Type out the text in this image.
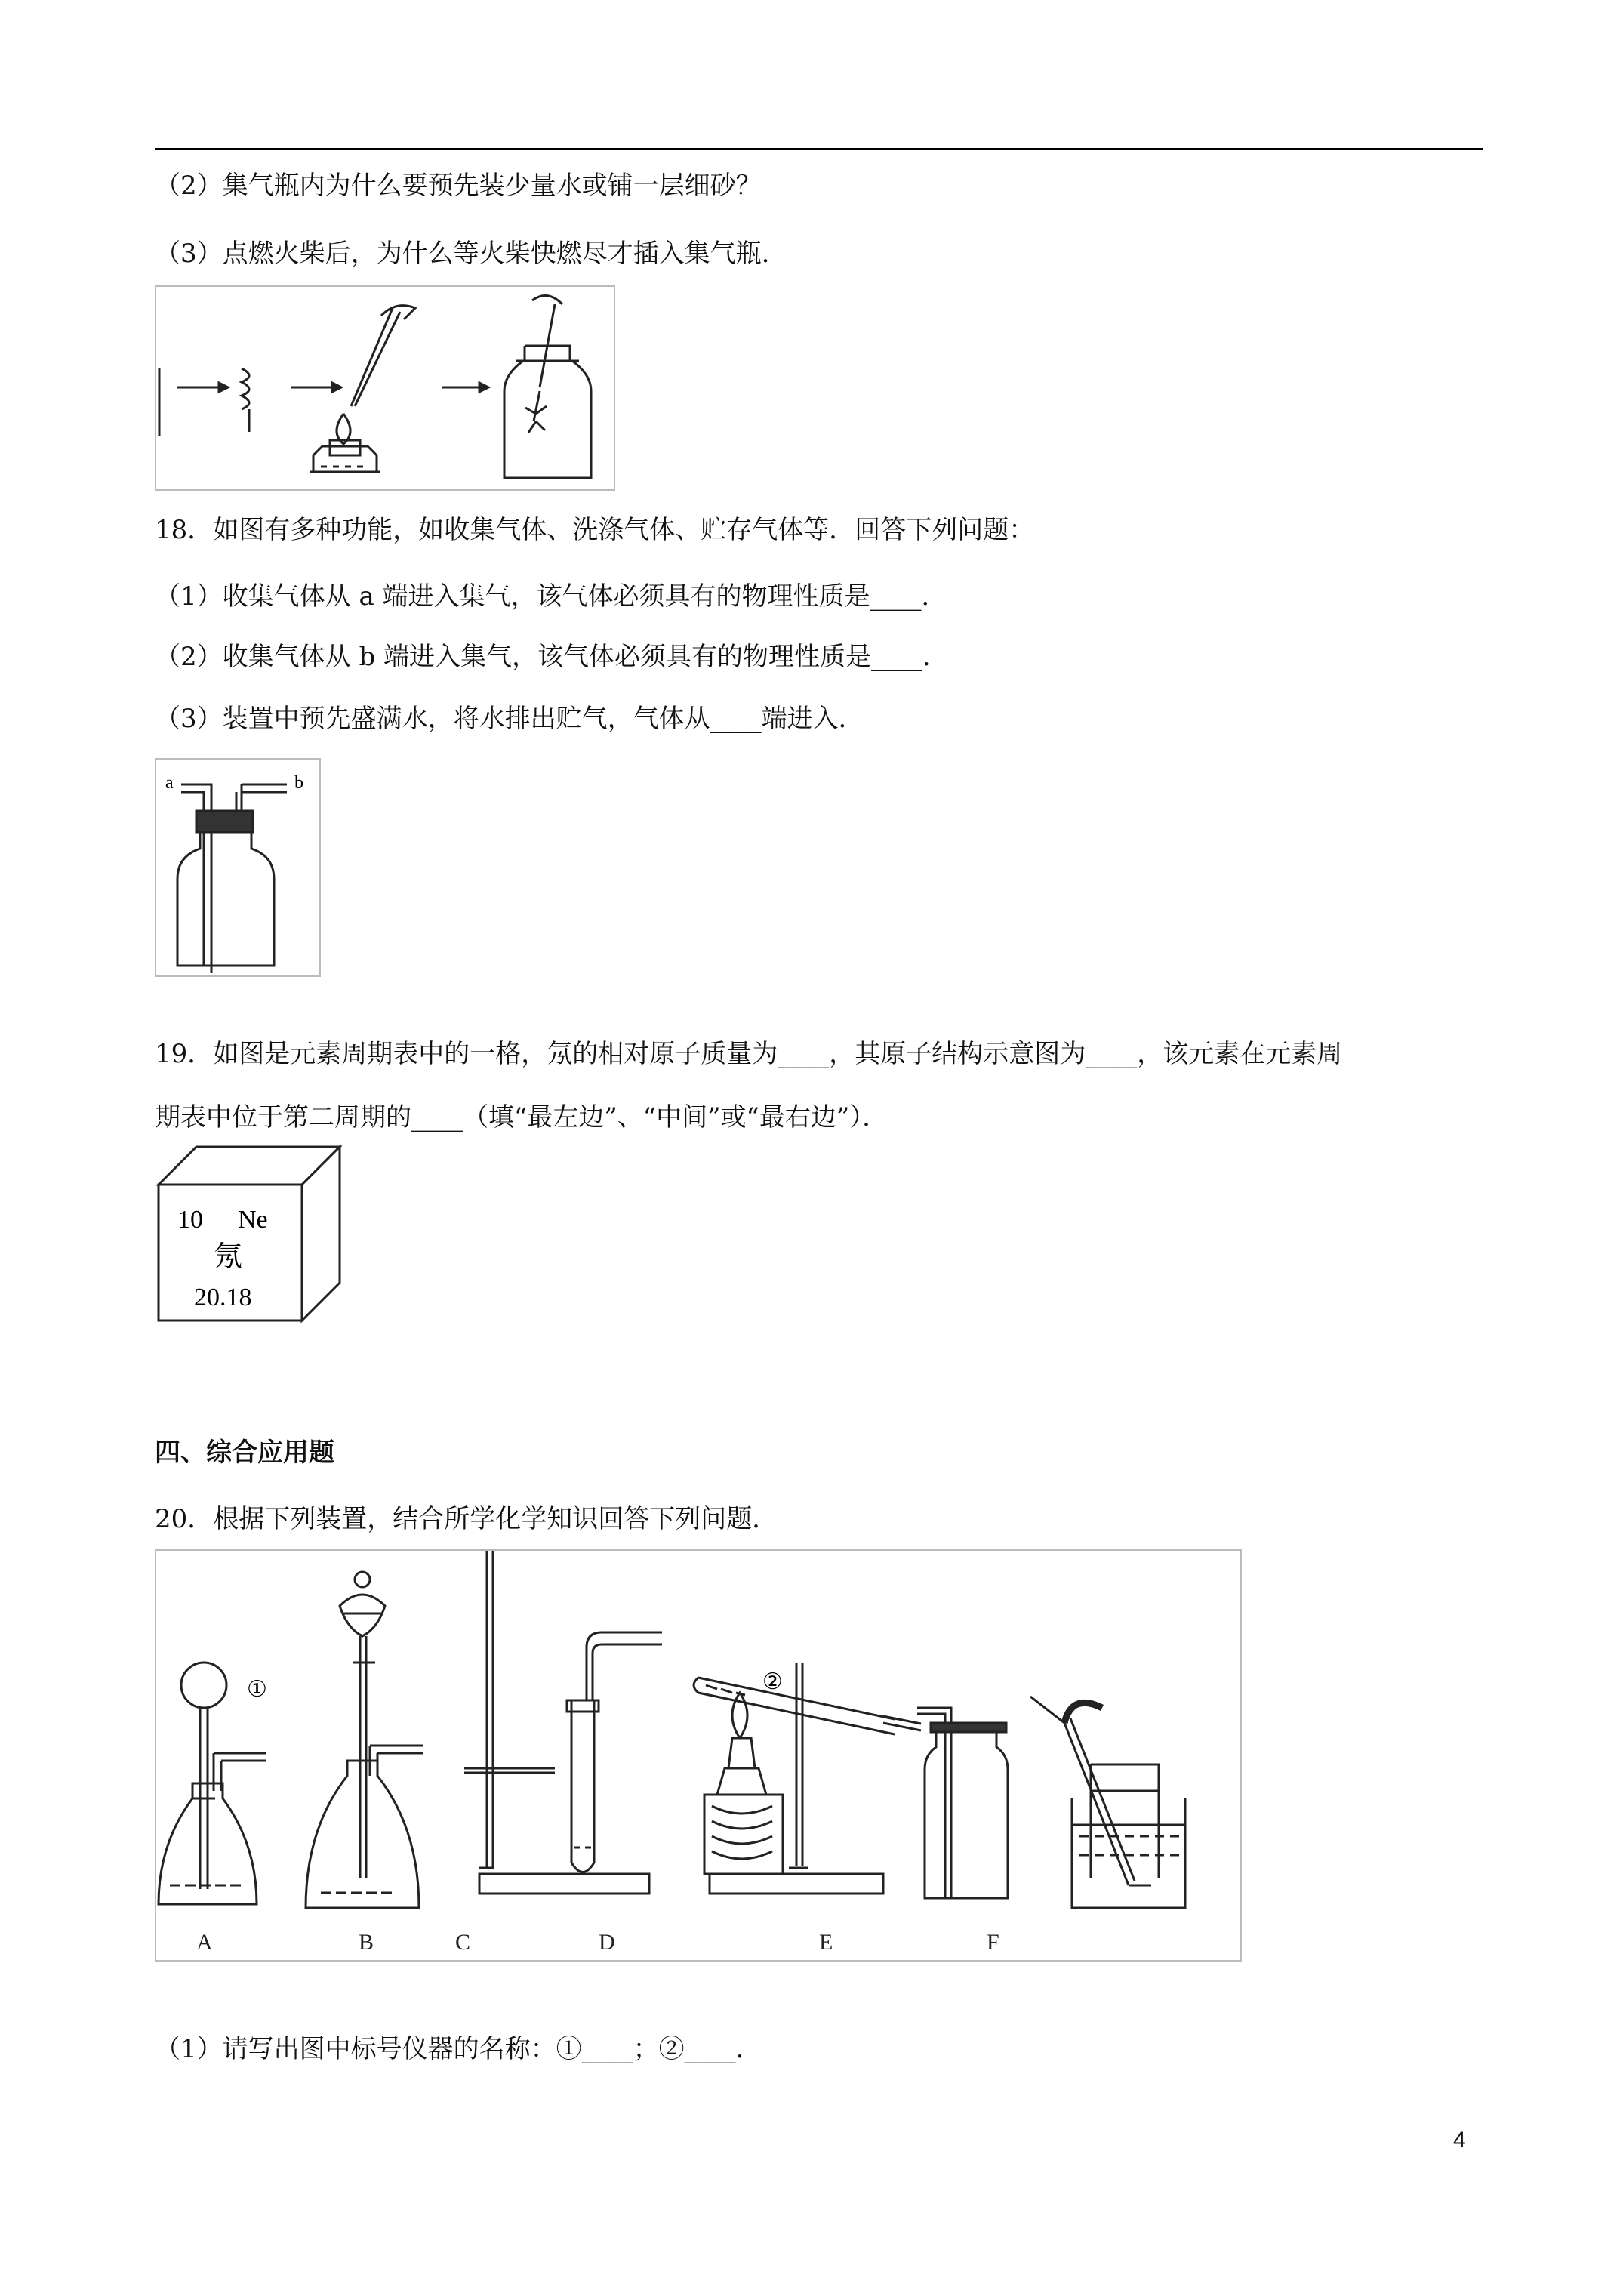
（2）集气瓶内为什么要预先装少量水或铺一层细砂？
（3）点燃火柴后，为什么等火柴快燃尽才插入集气瓶.
18．如图有多种功能，如收集气体、洗涤气体、贮存气体等．回答下列问题：
（1）收集气体从 a 端进入集气，该气体必须具有的物理性质是____．
（2）收集气体从 b 端进入集气，该气体必须具有的物理性质是____．
（3）装置中预先盛满水，将水排出贮气，气体从____端进入．
a	b
19．如图是元素周期表中的一格，氖的相对原子质量为____，其原子结构示意图为____，该元素在元素周
期表中位于第二周期的____（填“最左边”、“中间”或“最右边”）．
10 Ne
氖
20.18
四、综合应用题
20．根据下列装置，结合所学化学知识回答下列问题．
①	②
A	B	C	D	E	F
（1）请写出图中标号仪器的名称：①____；②____．
4
